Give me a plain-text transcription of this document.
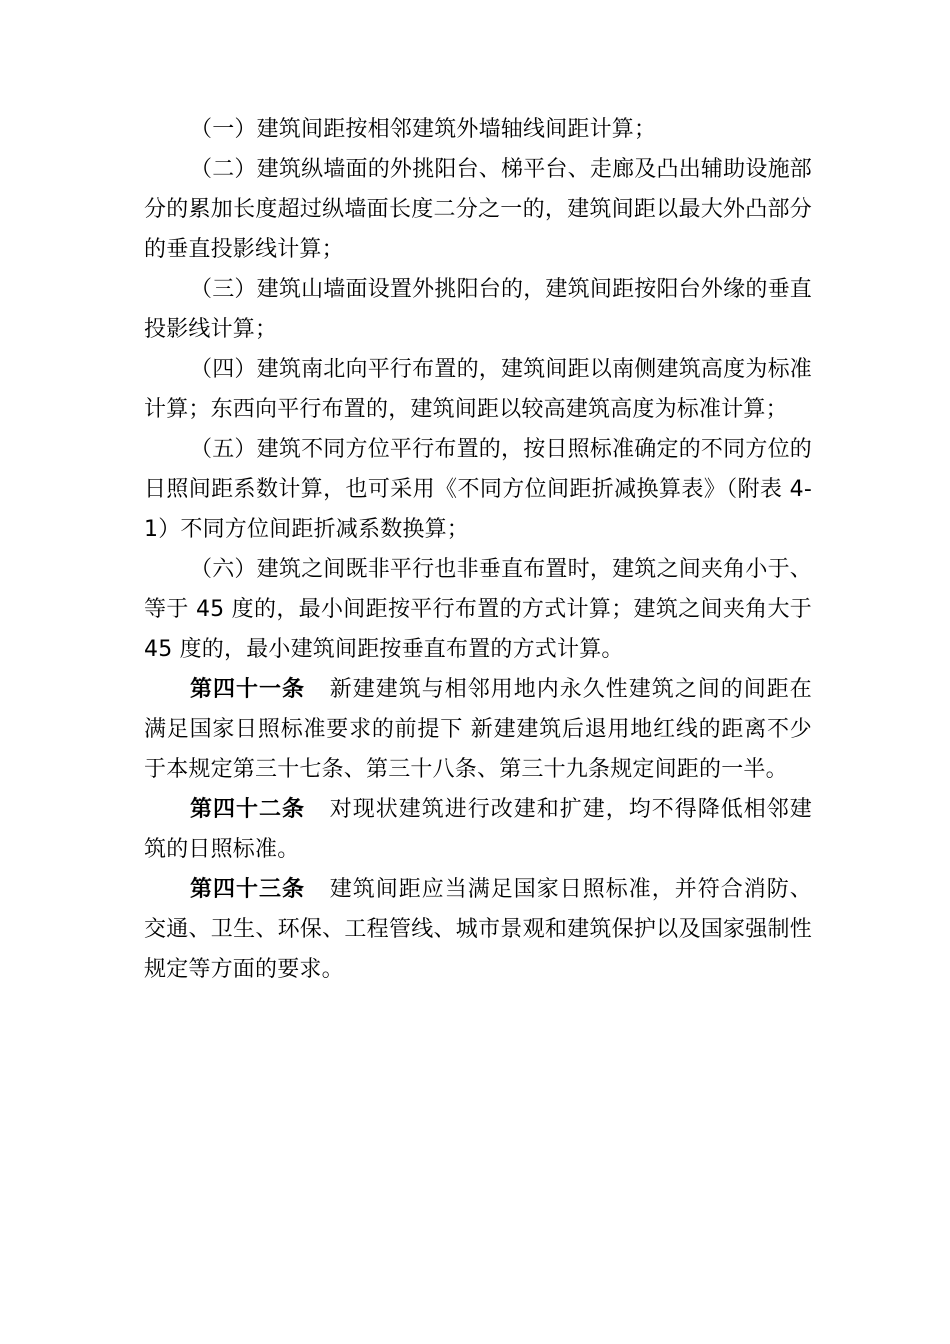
（一）建筑间距按相邻建筑外墙轴线间距计算；

（二）建筑纵墙面的外挑阳台、梯平台、走廊及凸出辅助设施部分的累加长度超过纵墙面长度二分之一的，建筑间距以最大外凸部分的垂直投影线计算；

（三）建筑山墙面设置外挑阳台的，建筑间距按阳台外缘的垂直投影线计算；

（四）建筑南北向平行布置的，建筑间距以南侧建筑高度为标准计算；东西向平行布置的，建筑间距以较高建筑高度为标准计算；

（五）建筑不同方位平行布置的，按日照标准确定的不同方位的日照间距系数计算，也可采用《不同方位间距折减换算表》（附表 4-1）不同方位间距折减系数换算；

（六）建筑之间既非平行也非垂直布置时，建筑之间夹角小于、等于 45 度的，最小间距按平行布置的方式计算；建筑之间夹角大于 45 度的，最小建筑间距按垂直布置的方式计算。

第四十一条 新建建筑与相邻用地内永久性建筑之间的间距在满足国家日照标准要求的前提下 新建建筑后退用地红线的距离不少于本规定第三十七条、第三十八条、第三十九条规定间距的一半。

第四十二条 对现状建筑进行改建和扩建，均不得降低相邻建筑的日照标准。

第四十三条 建筑间距应当满足国家日照标准，并符合消防、交通、卫生、环保、工程管线、城市景观和建筑保护以及国家强制性规定等方面的要求。
